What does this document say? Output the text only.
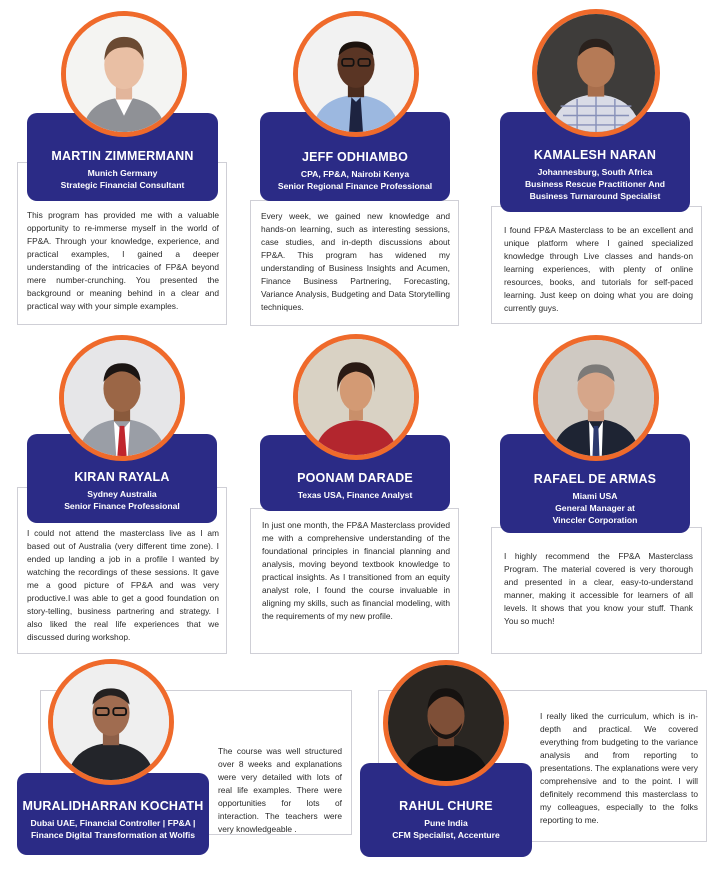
This program has provided me with a valuable opportunity to re-immerse myself in the world of FP&A. Through your knowledge, experience, and practical examples, I gained a deeper understanding of the intricacies of FP&A beyond mere number-crunching. You presented the background or meaning behind in a clear and practical way with your simple examples.

MARTIN ZIMMERMANN
Munich Germany
Strategic Financial Consultant

Every week, we gained new knowledge and hands-on learning, such as interesting sessions, case studies, and in-depth discussions about FP&A. This program has widened my understanding of Business Insights and Acumen, Finance Business Partnering, Forecasting, Variance Analysis, Budgeting and Data Storytelling techniques.

JEFF ODHIAMBO
CPA, FP&A, Nairobi Kenya
Senior Regional Finance Professional

I found FP&A Masterclass to be an excellent and unique platform where I gained specialized knowledge through Live classes and hands-on learning experiences, with plenty of online resources, books, and tutorials for self-paced learning. Just keep on doing what you are doing currently guys.

KAMALESH NARAN
Johannesburg, South Africa
Business Rescue Practitioner And
Business Turnaround Specialist

I could not attend the masterclass live as I am based out of Australia (very different time zone). I ended up landing a job in a profile I wanted by watching the recordings of these sessions. It gave me a good picture of FP&A and was very productive.I was able to get a good foundation on story-telling, business partnering and strategy. I also liked the real life experiences that we discussed during workshop.

KIRAN RAYALA
Sydney Australia
Senior Finance Professional

In just one month, the FP&A Masterclass provided me with a comprehensive understanding of the foundational principles in financial planning and analysis, moving beyond textbook knowledge to practical insights. As I transitioned from an equity analyst role, I found the course invaluable in aligning my skills, such as financial modeling, with the requirements of my new profile.

POONAM DARADE
Texas USA, Finance Analyst

I highly recommend the FP&A Masterclass Program. The material covered is very thorough and presented in a clear, easy-to-understand manner, making it accessible for learners of all levels. It shows that you know your stuff. Thank You so much!

RAFAEL DE ARMAS
Miami USA
General Manager at
Vinccler Corporation

The course was well structured over 8 weeks and explanations were very detailed with lots of real life examples. There were opportunities for lots of interaction. The teachers were very knowledgeable .

MURALIDHARRAN KOCHATH
Dubai UAE, Financial Controller | FP&A |
Finance Digital Transformation at Wolfis

I really liked the curriculum, which is in-depth and practical. We covered everything from budgeting to the variance analysis and from reporting to presentations. The explanations were very comprehensive and to the point. I will definitely recommend this masterclass to my colleagues, especially to the folks reporting to me.

RAHUL CHURE
Pune India
CFM Specialist, Accenture
